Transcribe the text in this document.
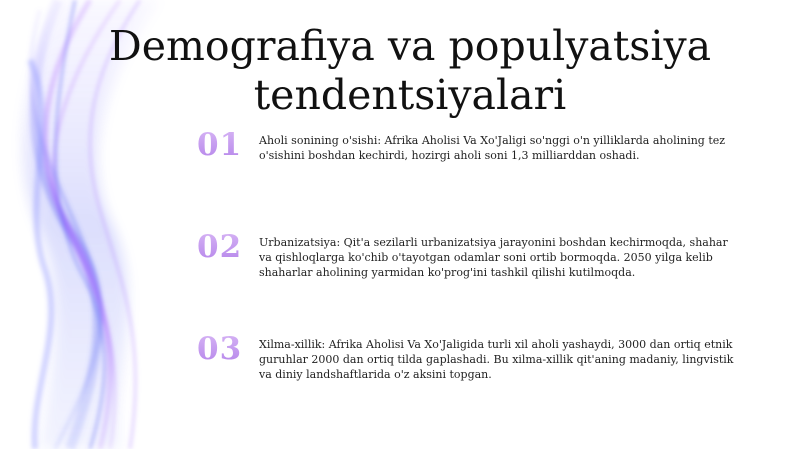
Demografiya va populyatsiya
tendentsiyalari
01	Aholi sonining o'sishi: Afrika Aholisi Va Xo'Jaligi so'nggi o'n yilliklarda aholining tez o'sishini boshdan kechirdi, hozirgi aholi soni 1,3 milliarddan oshadi.

02	Urbanizatsiya: Qit'a sezilarli urbanizatsiya jarayonini boshdan kechirmoqda, shahar va qishloqlarga ko'chib o'tayotgan odamlar soni ortib bormoqda. 2050 yilga kelib shaharlar aholining yarmidan ko'prog'ini tashkil qilishi kutilmoqda.

03	Xilma-xillik: Afrika Aholisi Va Xo'Jaligida turli xil aholi yashaydi, 3000 dan ortiq etnik guruhlar 2000 dan ortiq tilda gaplashadi. Bu xilma-xillik qit'aning madaniy, lingvistik va diniy landshaftlarida o'z aksini topgan.
